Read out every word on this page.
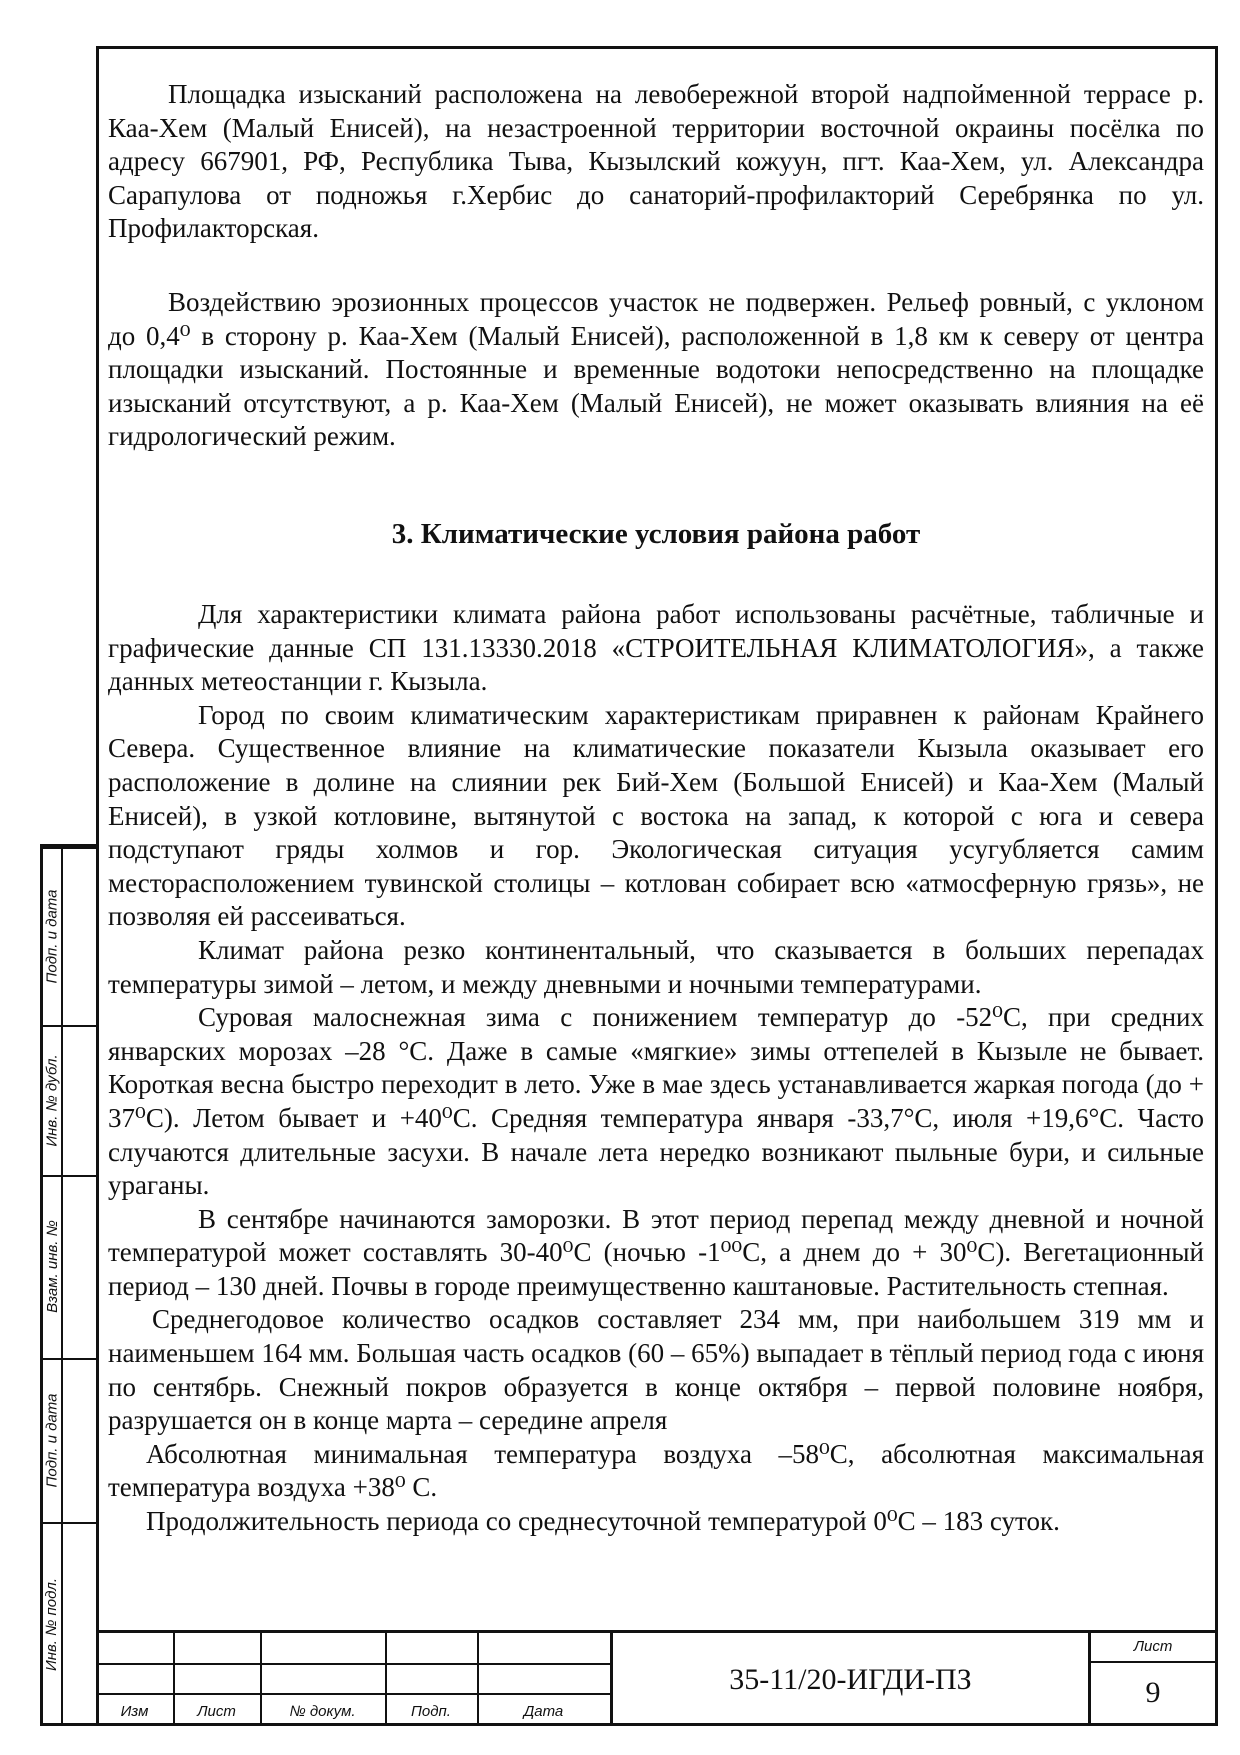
Подп. и дата
Инв. № дубл.
Взам. инв. №
Подп. и дата
Инв. № подл.

Площадка изысканий расположена на левобережной второй надпойменной террасе р. Каа-Хем (Малый Енисей), на незастроенной территории восточной окраины посёлка по адресу 667901, РФ, Республика Тыва, Кызылский кожуун, пгт. Каа-Хем, ул. Александра Сарапулова от подножья г.Хербис до санаторий-профилакторий Серебрянка по ул. Профилакторская.

Воздействию эрозионных процессов участок не подвержен. Рельеф ровный, с уклоном до 0,4⁰ в сторону р. Каа-Хем (Малый Енисей), расположенной в 1,8 км к северу от центра площадки изысканий. Постоянные и временные водотоки непосредственно на площадке изысканий отсутствуют, а р. Каа-Хем (Малый Енисей), не может оказывать влияния на её гидрологический режим.

3. Климатические условия района работ

Для характеристики климата района работ использованы расчётные, табличные и графические данные СП 131.13330.2018 «СТРОИТЕЛЬНАЯ КЛИМАТОЛОГИЯ», а также данных метеостанции г. Кызыла.

Город по своим климатическим характеристикам приравнен к районам Крайнего Севера. Существенное влияние на климатические показатели Кызыла оказывает его расположение в долине на слиянии рек Бий-Хем (Большой Енисей) и Каа-Хем (Малый Енисей), в узкой котловине, вытянутой с востока на запад, к которой с юга и севера подступают гряды холмов и гор. Экологическая ситуация усугубляется самим месторасположением тувинской столицы – котлован собирает всю «атмосферную грязь», не позволяя ей рассеиваться.

Климат района резко континентальный, что сказывается в больших перепадах температуры зимой – летом, и между дневными и ночными температурами.

Суровая малоснежная зима с понижением температур до -52⁰С, при средних январских морозах –28 °С. Даже в самые «мягкие» зимы оттепелей в Кызыле не бывает. Короткая весна быстро переходит в лето. Уже в мае здесь устанавливается жаркая погода (до + 37⁰С). Летом бывает и +40⁰С. Средняя температура января -33,7°С, июля +19,6°С. Часто случаются длительные засухи. В начале лета нередко возникают пыльные бури, и сильные ураганы.

В сентябре начинаются заморозки. В этот период перепад между дневной и ночной температурой может составлять 30-40⁰С (ночью -1⁰⁰С, а днем до + 30⁰С). Вегетационный период – 130 дней. Почвы в городе преимущественно каштановые. Растительность степная.

Среднегодовое количество осадков составляет 234 мм, при наибольшем 319 мм и наименьшем 164 мм. Большая часть осадков (60 – 65%) выпадает в тёплый период года с июня по сентябрь. Снежный покров образуется в конце октября – первой половине ноября, разрушается он в конце марта – середине апреля

Абсолютная минимальная температура воздуха –58⁰С, абсолютная максимальная температура воздуха +38⁰ С.

Продолжительность периода со среднесуточной температурой 0⁰С – 183 суток.

Изм	Лист	№ докум.	Подп.	Дата
35-11/20-ИГДИ-ПЗ
Лист
9
